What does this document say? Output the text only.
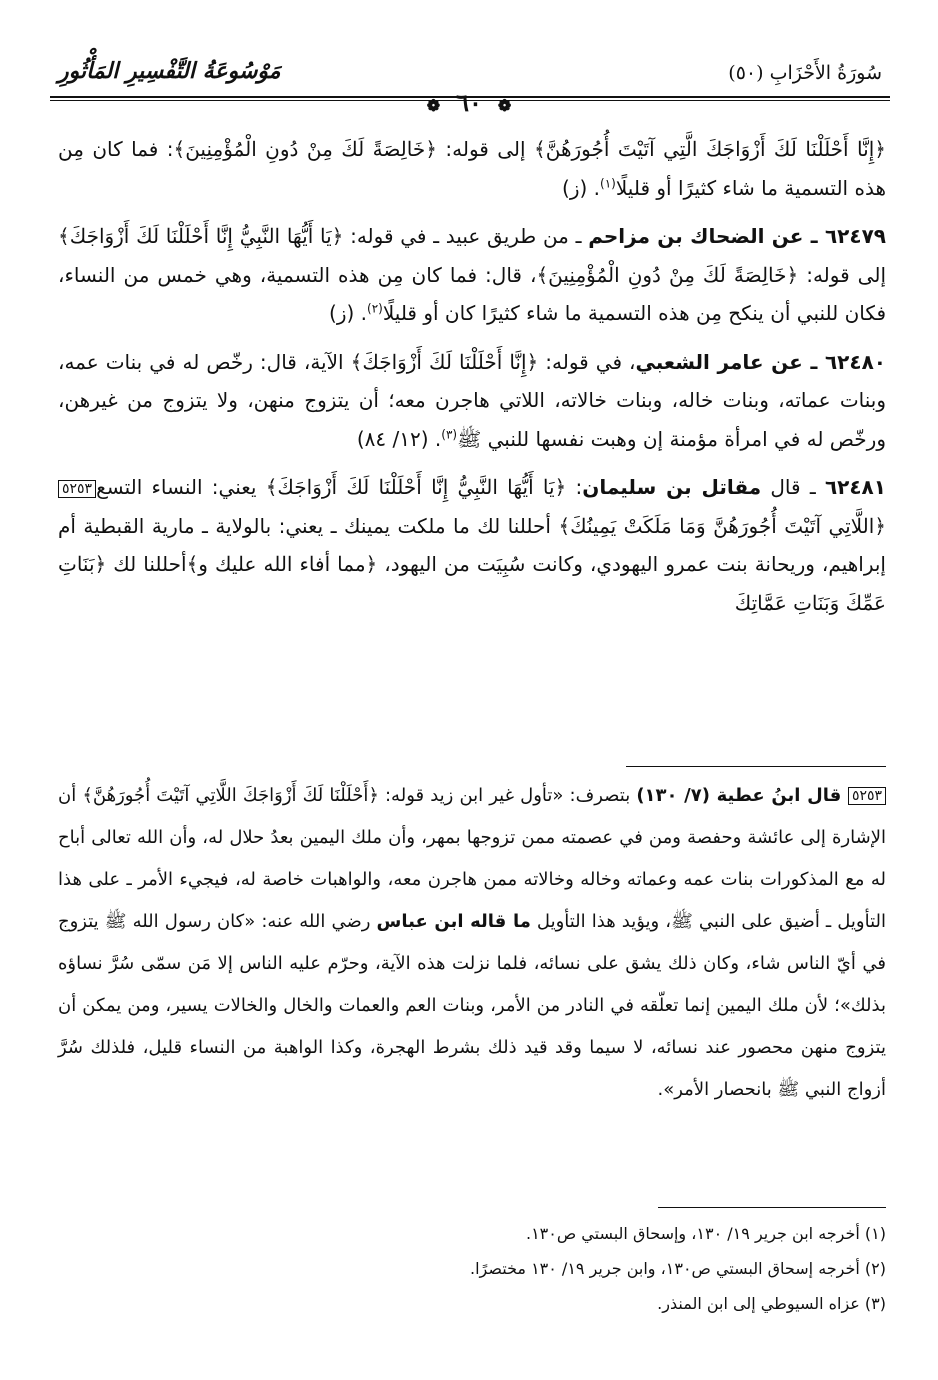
مَوْسُوعَةُ التَّفْسِيرِ المَأْثُورِ	سُورَةُ الأَحْزَابِ (٥٠)
❁ ٦٠ ❁

﴿إِنَّا أَحْلَلْنَا لَكَ أَزْوَاجَكَ الَّتِي آتَيْتَ أُجُورَهُنَّ﴾ إلى قوله: ﴿خَالِصَةً لَكَ مِنْ دُونِ الْمُؤْمِنِينَ﴾: فما كان مِن هذه التسمية ما شاء كثيرًا أو قليلًا$^{(١)}$. (ز)

٦٢٤٧٩ ـ عن الضحاك بن مزاحم ـ من طريق عبيد ـ في قوله: ﴿يَا أَيُّهَا النَّبِيُّ إِنَّا أَحْلَلْنَا لَكَ أَزْوَاجَكَ﴾ إلى قوله: ﴿خَالِصَةً لَكَ مِنْ دُونِ الْمُؤْمِنِينَ﴾، قال: فما كان مِن هذه التسمية، وهي خمس من النساء، فكان للنبي أن ينكح مِن هذه التسمية ما شاء كثيرًا كان أو قليلًا$^{(٢)}$. (ز)

٦٢٤٨٠ ـ عن عامر الشعبي، في قوله: ﴿إِنَّا أَحْلَلْنَا لَكَ أَزْوَاجَكَ﴾ الآية، قال: رخّص له في بنات عمه، وبنات عماته، وبنات خاله، وبنات خالاته، اللاتي هاجرن معه؛ أن يتزوج منهن، ولا يتزوج من غيرهن، ورخّص له في امرأة مؤمنة إن وهبت نفسها للنبي ﷺ$^{(٣)}$. (١٢/ ٨٤)

٦٢٤٨١ ـ قال مقاتل بن سليمان: ﴿يَا أَيُّهَا النَّبِيُّ إِنَّا أَحْلَلْنَا لَكَ أَزْوَاجَكَ﴾ يعني: النساء التسع٥٢٥٣ ﴿اللَّاتِي آتَيْتَ أُجُورَهُنَّ وَمَا مَلَكَتْ يَمِينُكَ﴾ أحللنا لك ما ملكت يمينك ـ يعني: بالولاية ـ مارية القبطية أم إبراهيم، وريحانة بنت عمرو اليهودي، وكانت سُبِيَت من اليهود، ﴿مما أفاء الله عليك و﴾أحللنا لك ﴿بَنَاتِ عَمِّكَ وَبَنَاتِ عَمَّاتِكَ

٥٢٥٣ قال ابنُ عطية (٧/ ١٣٠) بتصرف: «تأول غير ابن زيد قوله: ﴿أَحْلَلْنَا لَكَ أَزْوَاجَكَ اللَّاتِي آتَيْتَ أُجُورَهُنَّ﴾ أن الإشارة إلى عائشة وحفصة ومن في عصمته ممن تزوجها بمهر، وأن ملك اليمين بعدُ حلال له، وأن الله تعالى أباح له مع المذكورات بنات عمه وعماته وخاله وخالاته ممن هاجرن معه، والواهبات خاصة له، فيجيء الأمر ـ على هذا التأويل ـ أضيق على النبي ﷺ، ويؤيد هذا التأويل ما قاله ابن عباس رضي الله عنه: «كان رسول الله ﷺ يتزوج في أيّ الناس شاء، وكان ذلك يشق على نسائه، فلما نزلت هذه الآية، وحرّم عليه الناس إلا مَن سمّى سُرَّ نساؤه بذلك»؛ لأن ملك اليمين إنما تعلّقه في النادر من الأمر، وبنات العم والعمات والخال والخالات يسير، ومن يمكن أن يتزوج منهن محصور عند نسائه، لا سيما وقد قيد ذلك بشرط الهجرة، وكذا الواهبة من النساء قليل، فلذلك سُرَّ أزواج النبي ﷺ بانحصار الأمر».

(١) أخرجه ابن جرير ١٩/ ١٣٠، وإسحاق البستي ص١٣٠.
(٢) أخرجه إسحاق البستي ص١٣٠، وابن جرير ١٩/ ١٣٠ مختصرًا.
(٣) عزاه السيوطي إلى ابن المنذر.
